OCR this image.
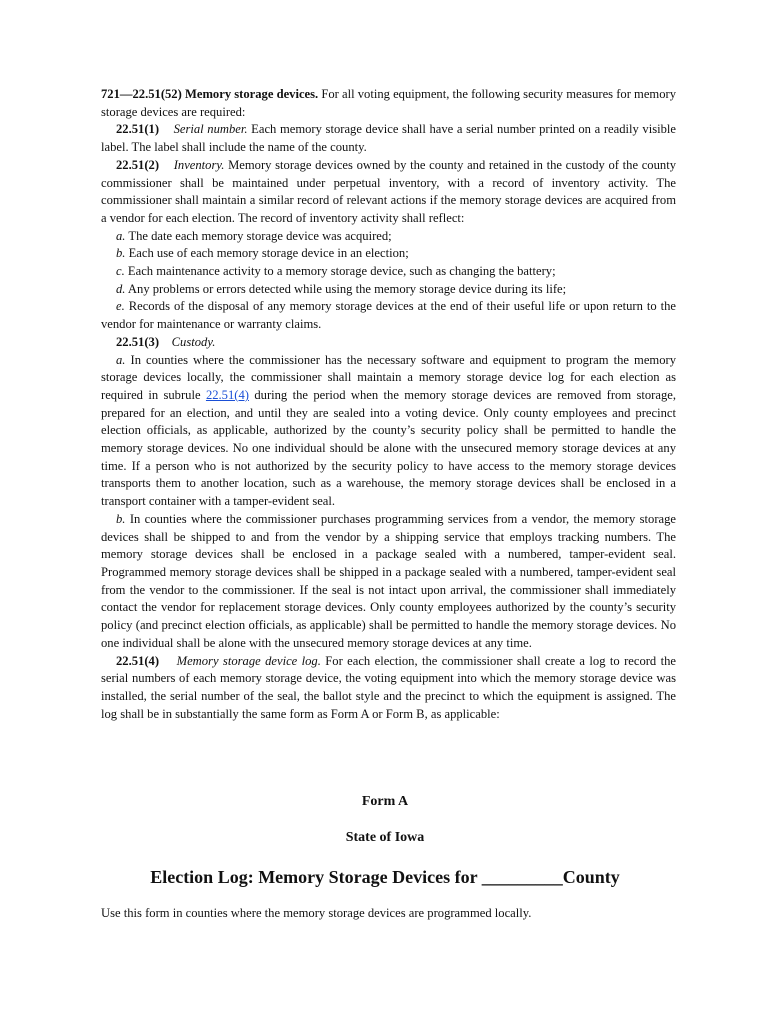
721—22.51(52) Memory storage devices. For all voting equipment, the following security measures for memory storage devices are required:

22.51(1) Serial number. Each memory storage device shall have a serial number printed on a readily visible label. The label shall include the name of the county.

22.51(2) Inventory. Memory storage devices owned by the county and retained in the custody of the county commissioner shall be maintained under perpetual inventory, with a record of inventory activity. The commissioner shall maintain a similar record of relevant actions if the memory storage devices are acquired from a vendor for each election. The record of inventory activity shall reflect:

a. The date each memory storage device was acquired;

b. Each use of each memory storage device in an election;

c. Each maintenance activity to a memory storage device, such as changing the battery;

d. Any problems or errors detected while using the memory storage device during its life;

e. Records of the disposal of any memory storage devices at the end of their useful life or upon return to the vendor for maintenance or warranty claims.

22.51(3) Custody.

a. In counties where the commissioner has the necessary software and equipment to program the memory storage devices locally, the commissioner shall maintain a memory storage device log for each election as required in subrule 22.51(4) during the period when the memory storage devices are removed from storage, prepared for an election, and until they are sealed into a voting device. Only county employees and precinct election officials, as applicable, authorized by the county’s security policy shall be permitted to handle the memory storage devices. No one individual should be alone with the unsecured memory storage devices at any time. If a person who is not authorized by the security policy to have access to the memory storage devices transports them to another location, such as a warehouse, the memory storage devices shall be enclosed in a transport container with a tamper-evident seal.

b. In counties where the commissioner purchases programming services from a vendor, the memory storage devices shall be shipped to and from the vendor by a shipping service that employs tracking numbers. The memory storage devices shall be enclosed in a package sealed with a numbered, tamper-evident seal. Programmed memory storage devices shall be shipped in a package sealed with a numbered, tamper-evident seal from the vendor to the commissioner. If the seal is not intact upon arrival, the commissioner shall immediately contact the vendor for replacement storage devices. Only county employees authorized by the county’s security policy (and precinct election officials, as applicable) shall be permitted to handle the memory storage devices. No one individual shall be alone with the unsecured memory storage devices at any time.

22.51(4) Memory storage device log. For each election, the commissioner shall create a log to record the serial numbers of each memory storage device, the voting equipment into which the memory storage device was installed, the serial number of the seal, the ballot style and the precinct to which the equipment is assigned. The log shall be in substantially the same form as Form A or Form B, as applicable:

Form A

State of Iowa

Election Log: Memory Storage Devices for _________County

Use this form in counties where the memory storage devices are programmed locally.
